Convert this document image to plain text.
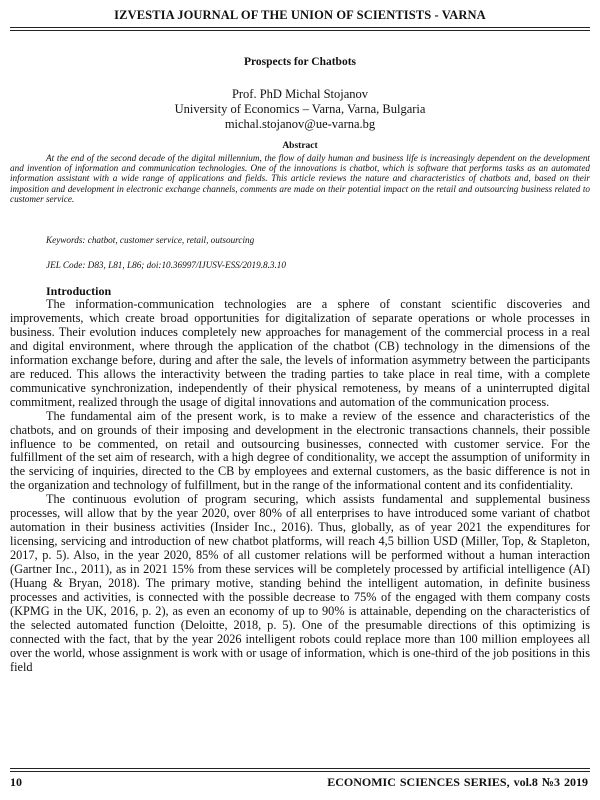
IZVESTIA JOURNAL OF THE UNION OF SCIENTISTS - VARNA
Prospects for Chatbots
Prof. PhD Michal Stojanov
University of Economics – Varna, Varna, Bulgaria
michal.stojanov@ue-varna.bg
Abstract

At the end of the second decade of the digital millennium, the flow of daily human and business life is increasingly dependent on the development and invention of information and communication technologies. One of the innovations is chatbot, which is software that performs tasks as an automated information assistant with a wide range of applications and fields. This article reviews the nature and characteristics of chatbots and, based on their imposition and development in electronic exchange channels, comments are made on their potential impact on the retail and outsourcing business related to customer service.

Keywords: chatbot, customer service, retail, outsourcing
JEL Code: D83, L81, L86; doi:10.36997/IJUSV-ESS/2019.8.3.10
Introduction

The information-communication technologies are a sphere of constant scientific discoveries and improvements, which create broad opportunities for digitalization of separate operations or whole processes in business. Their evolution induces completely new approaches for management of the commercial process in a real and digital environment, where through the application of the chatbot (CB) technology in the dimensions of the information exchange before, during and after the sale, the levels of information asymmetry between the participants are reduced. This allows the interactivity between the trading parties to take place in real time, with a complete communicative synchronization, independently of their physical remoteness, by means of a uninterrupted digital commitment, realized through the usage of digital innovations and automation of the communication process.

The fundamental aim of the present work, is to make a review of the essence and characteristics of the chatbots, and on grounds of their imposing and development in the electronic transactions channels, their possible influence to be commented, on retail and outsourcing businesses, connected with customer service. For the fulfillment of the set aim of research, with a high degree of conditionality, we accept the assumption of uniformity in the servicing of inquiries, directed to the CB by employees and external customers, as the basic difference is not in the organization and technology of fulfillment, but in the range of the informational content and its confidentiality.

The continuous evolution of program securing, which assists fundamental and supplemental business processes, will allow that by the year 2020, over 80% of all enterprises to have introduced some variant of chatbot automation in their business activities (Insider Inc., 2016). Thus, globally, as of year 2021 the expenditures for licensing, servicing and introduction of new chatbot platforms, will reach 4,5 billion USD (Miller, Top, & Stapleton, 2017, p. 5). Also, in the year 2020, 85% of all customer relations will be performed without a human interaction (Gartner Inc., 2011), as in 2021 15% from these services will be completely processed by artificial intelligence (AI) (Huang & Bryan, 2018). The primary motive, standing behind the intelligent automation, in definite business processes and activities, is connected with the possible decrease to 75% of the engaged with them company costs (KPMG in the UK, 2016, p. 2), as even an economy of up to 90% is attainable, depending on the characteristics of the selected automated function (Deloitte, 2018, p. 5). One of the presumable directions of this optimizing is connected with the fact, that by the year 2026 intelligent robots could replace more than 100 million employees all over the world, whose assignment is work with or usage of information, which is one-third of the job positions in this field

10	ECONOMIC SCIENCES SERIES, vol.8 №3 2019
